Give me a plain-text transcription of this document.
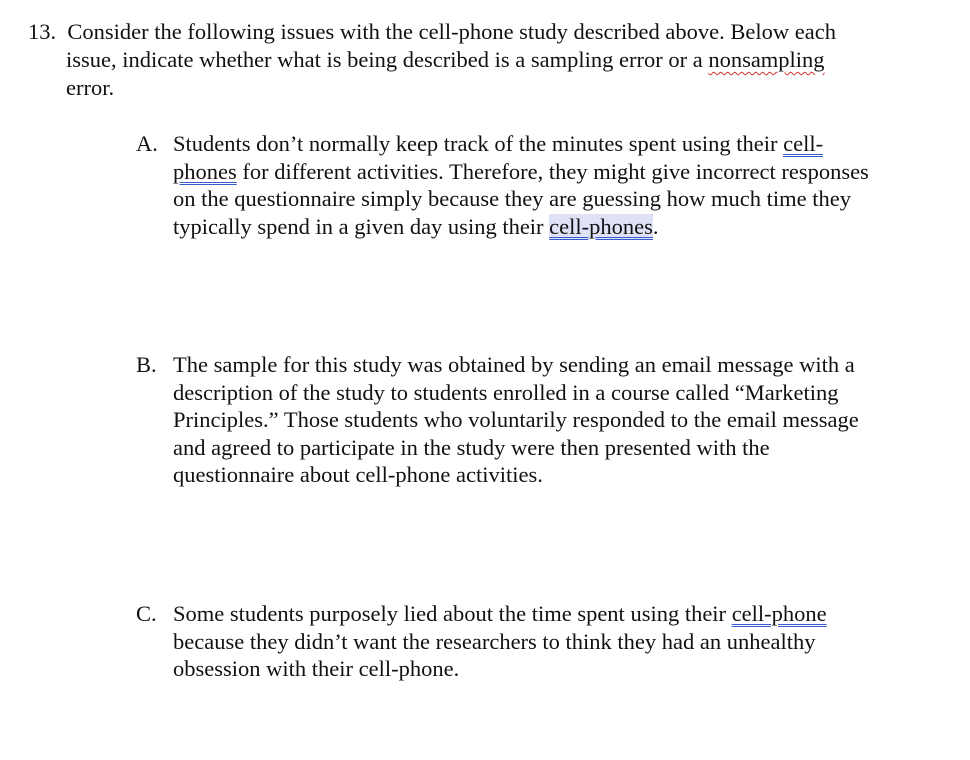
13. Consider the following issues with the cell-phone study described above. Below each
issue, indicate whether what is being described is a sampling error or a nonsampling
error.
A. Students don’t normally keep track of the minutes spent using their cell-
phones for different activities. Therefore, they might give incorrect responses
on the questionnaire simply because they are guessing how much time they
typically spend in a given day using their cell-phones.
B. The sample for this study was obtained by sending an email message with a
description of the study to students enrolled in a course called “Marketing
Principles.” Those students who voluntarily responded to the email message
and agreed to participate in the study were then presented with the
questionnaire about cell-phone activities.
C. Some students purposely lied about the time spent using their cell-phone
because they didn’t want the researchers to think they had an unhealthy
obsession with their cell-phone.
